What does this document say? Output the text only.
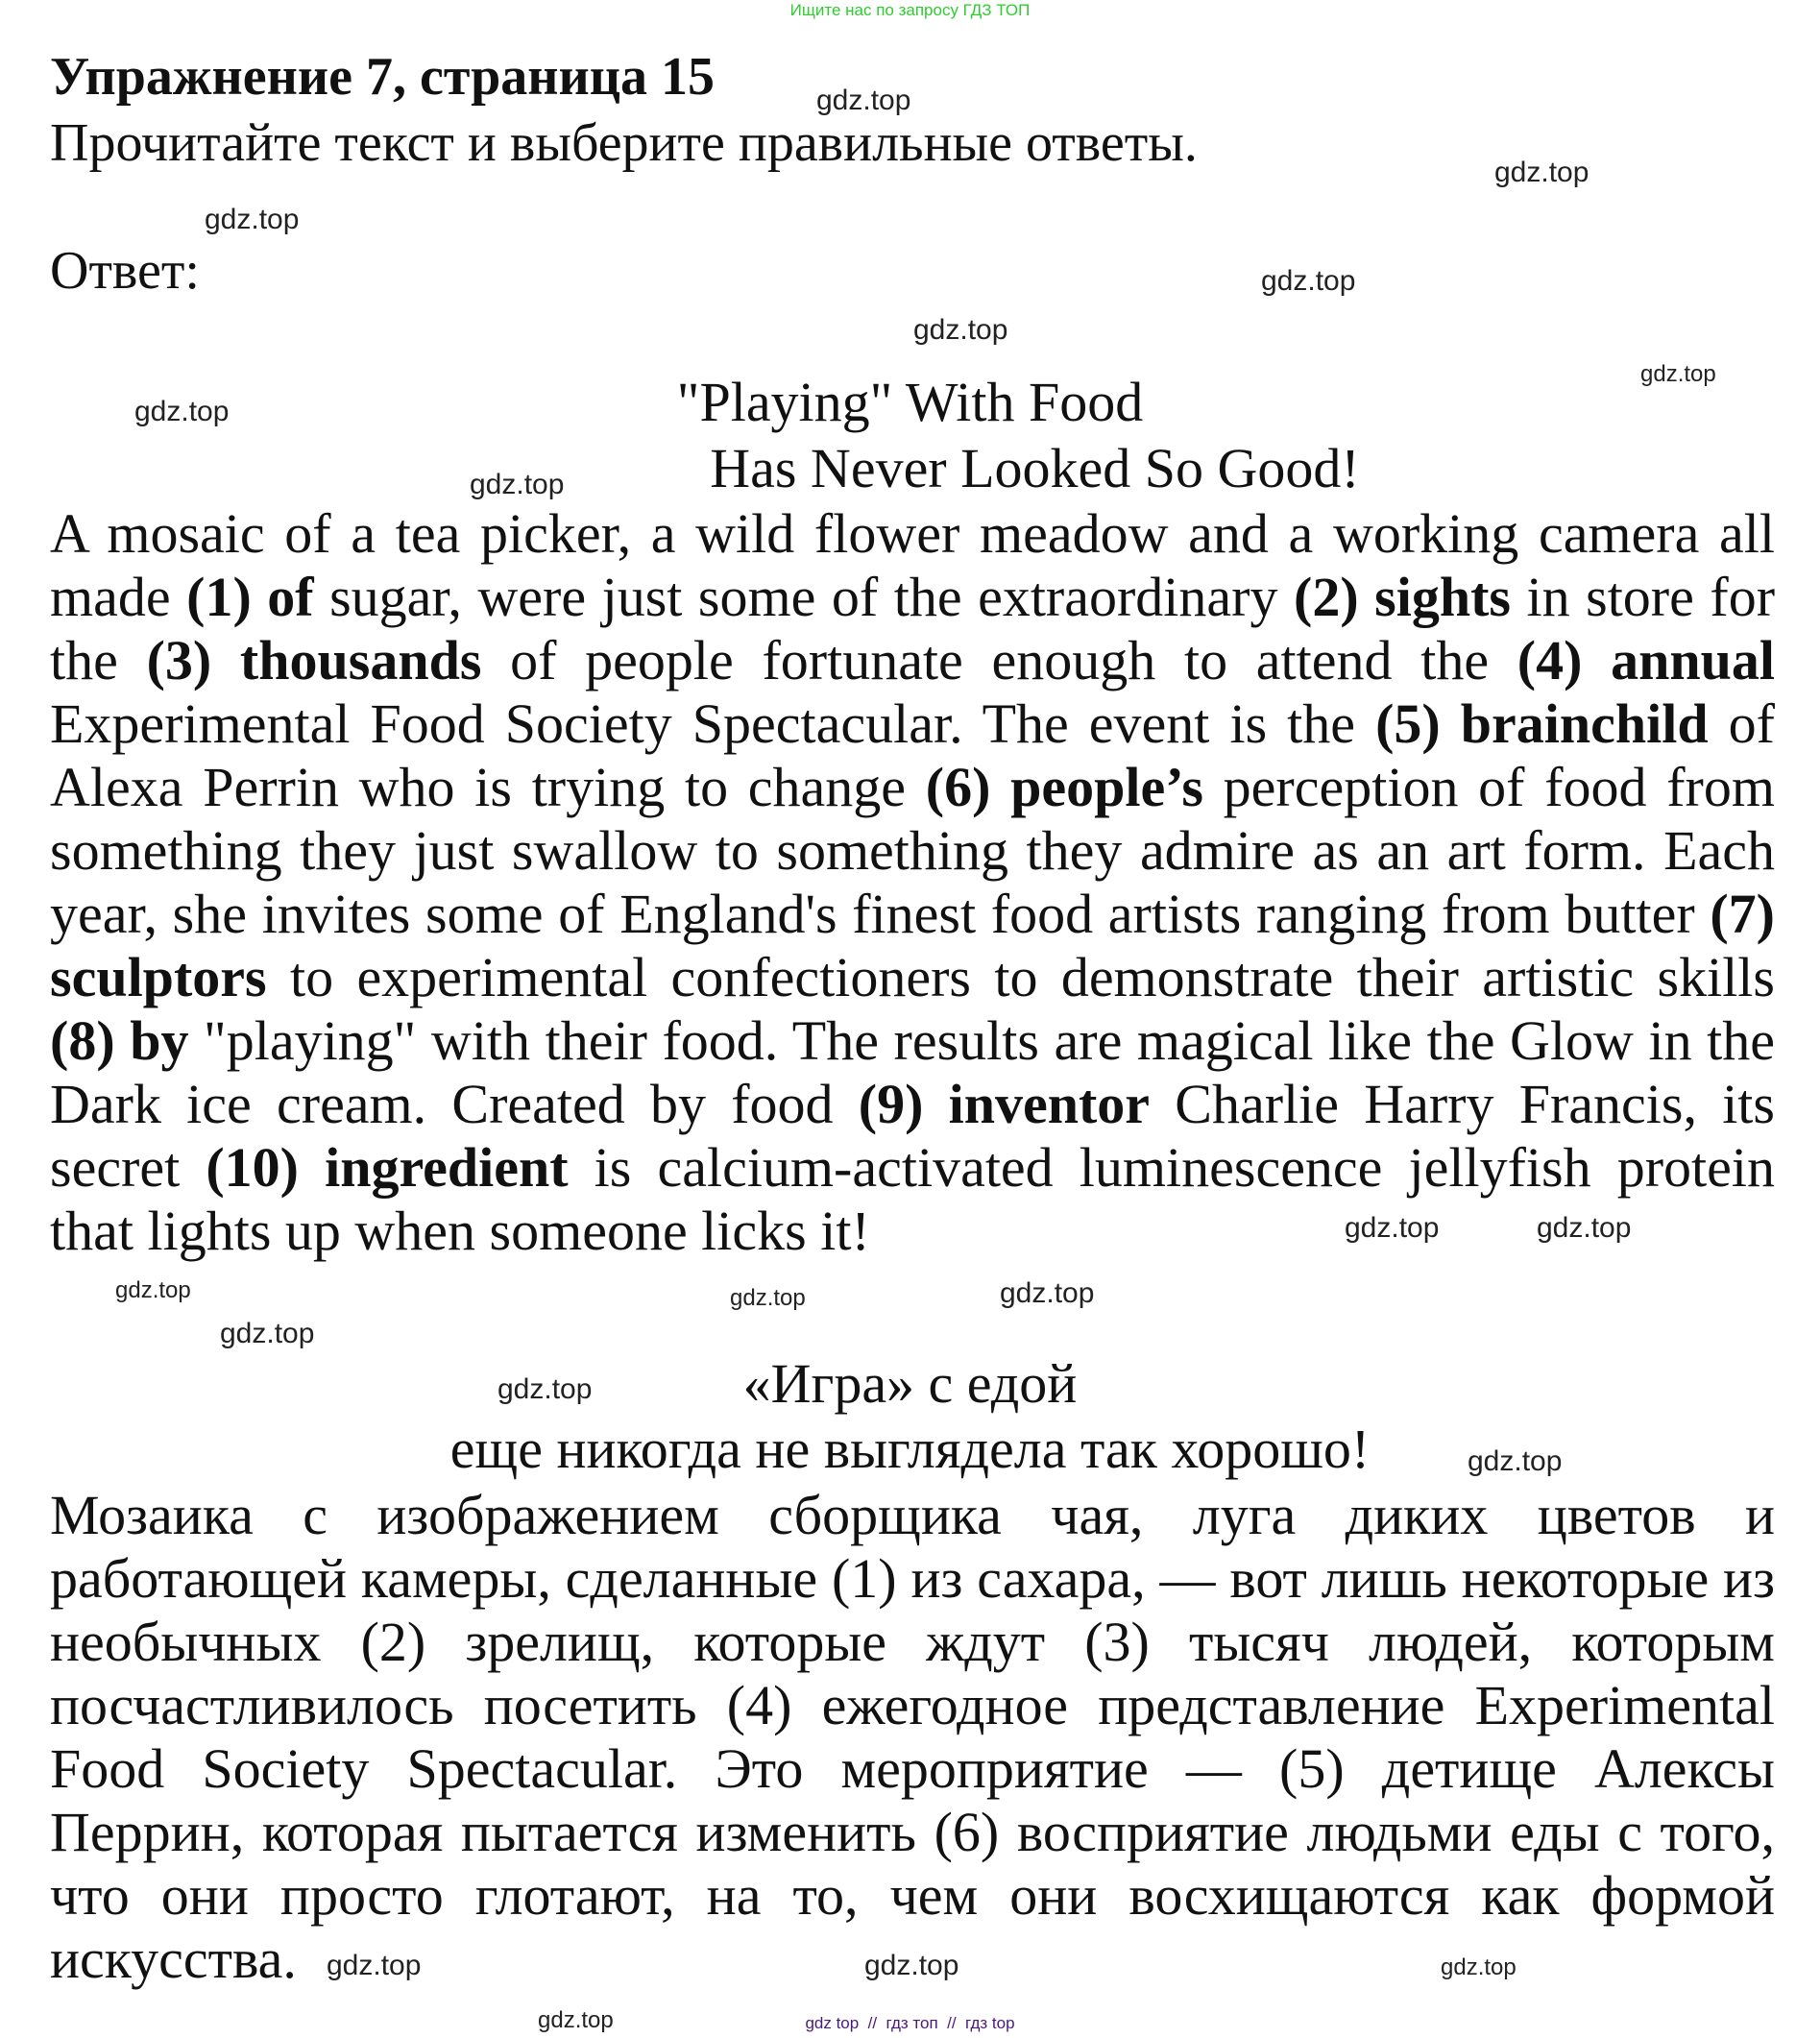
Ищите нас по запросу ГДЗ ТОП
Упражнение 7, страница 15
Прочитайте текст и выберите правильные ответы.
Ответ:
"Playing" With Food
Has Never Looked So Good!
A mosaic of a tea picker, a wild flower meadow and a working camera all made (1) of sugar, were just some of the extraordinary (2) sights in store for the (3) thousands of people fortunate enough to attend the (4) annual Experimental Food Society Spectacular. The event is the (5) brainchild of Alexa Perrin who is trying to change (6) people’s perception of food from something they just swallow to something they admire as an art form. Each year, she invites some of England's finest food artists ranging from butter (7) sculptors to experimental confectioners to demonstrate their artistic skills (8) by "playing" with their food. The results are magical like the Glow in the Dark ice cream. Created by food (9) inventor Charlie Harry Francis, its secret (10) ingredient is calcium-activated luminescence jellyfish protein that lights up when someone licks it!
«Игра» с едой
еще никогда не выглядела так хорошо!
Мозаика с изображением сборщика чая, луга диких цветов и работающей камеры, сделанные (1) из сахара, — вот лишь некоторые из необычных (2) зрелищ, которые ждут (3) тысяч людей, которым посчастливилось посетить (4) ежегодное представление Experimental Food Society Spectacular. Это мероприятие — (5) детище Алексы Перрин, которая пытается изменить (6) восприятие людьми еды с того, что они просто глотают, на то, чем они восхищаются как формой искусства.
gdz.top
gdz.top
gdz.top
gdz.top
gdz.top
gdz.top
gdz.top
gdz.top
gdz.top
gdz.top
gdz.top
gdz.top
gdz.top
gdz.top
gdz.top
gdz.top
gdz.top	gdz.top
gdz.top
gdz.top	gdz top  //  гдз топ  //  гдз top
